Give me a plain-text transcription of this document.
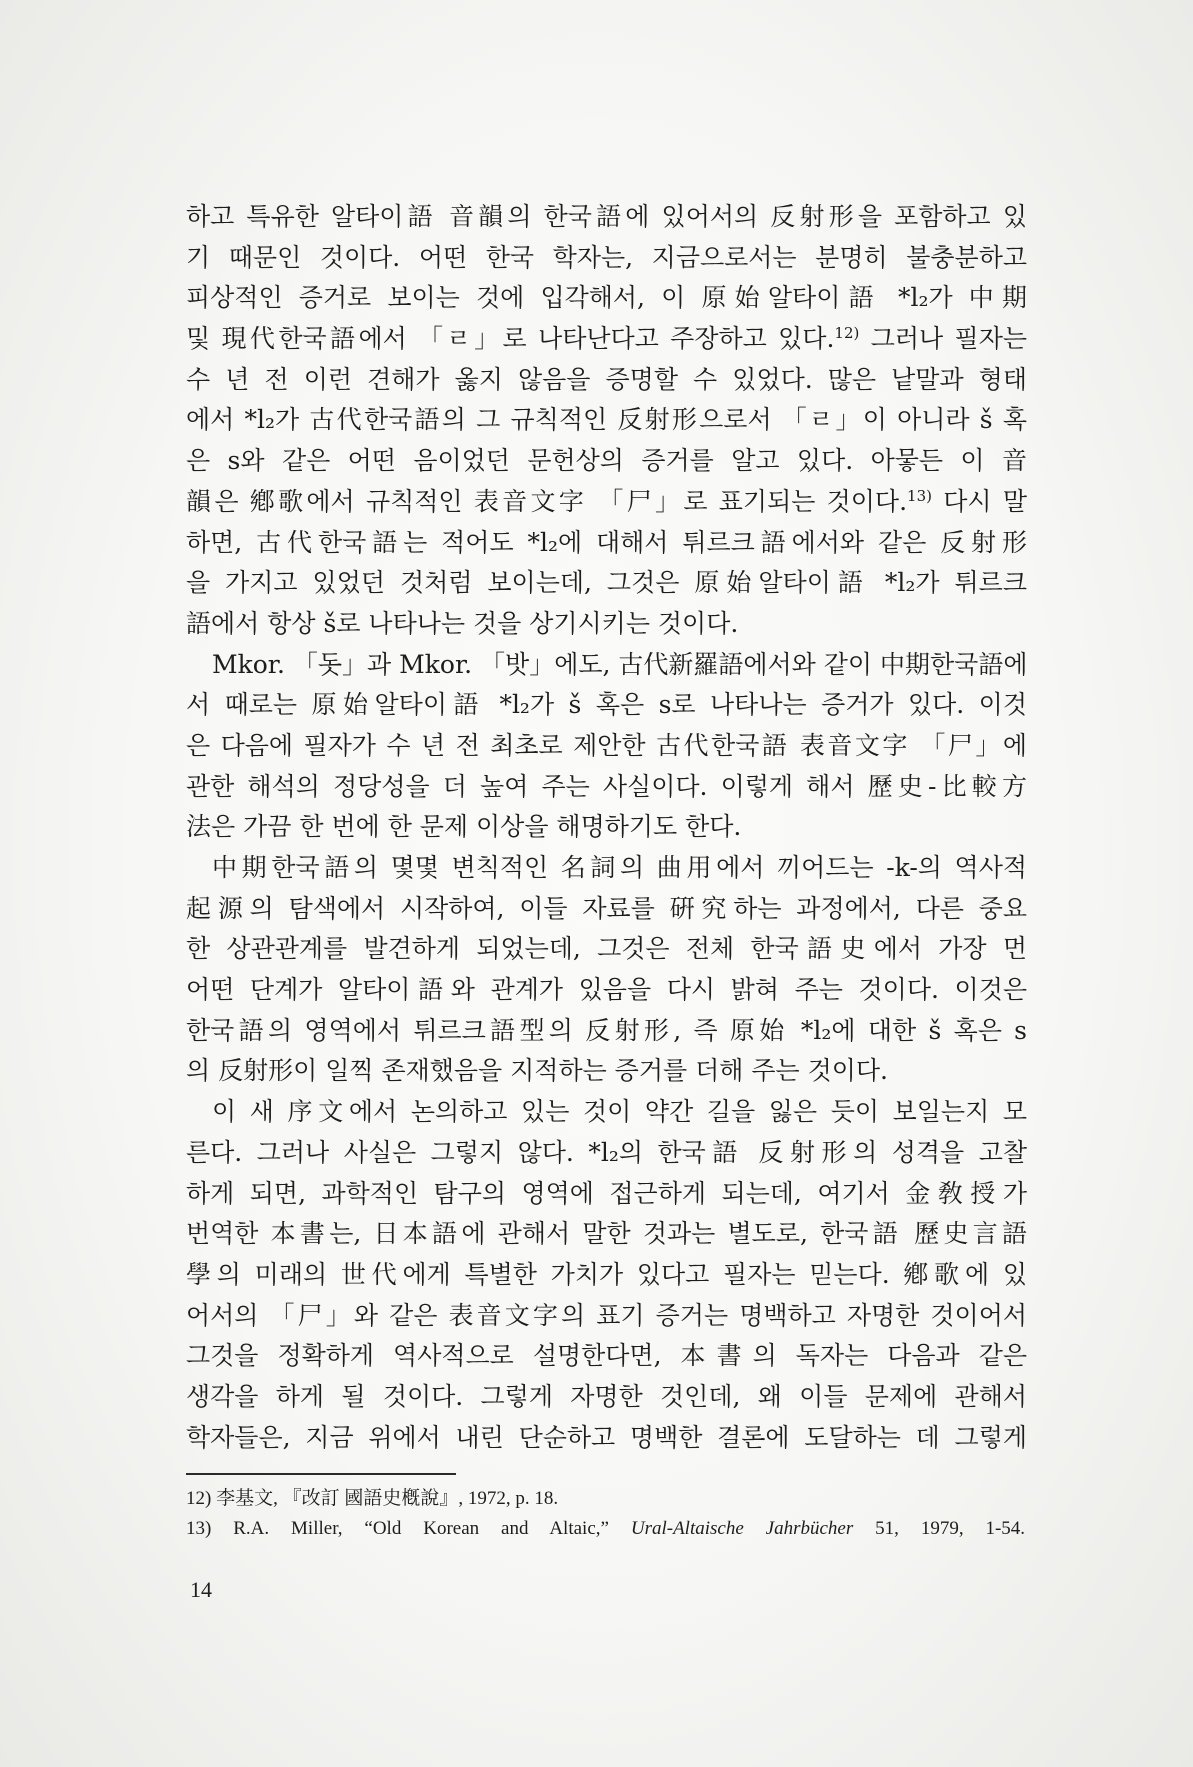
하고 특유한 알타이語 音韻의 한국語에 있어서의 反射形을 포함하고 있
기 때문인 것이다. 어떤 한국 학자는, 지금으로서는 분명히 불충분하고
피상적인 증거로 보이는 것에 입각해서, 이 原始알타이語 *l₂가 中期
및 現代한국語에서 「ㄹ」로 나타난다고 주장하고 있다.$^{12)}$ 그러나 필자는
수 년 전 이런 견해가 옳지 않음을 증명할 수 있었다. 많은 낱말과 형태
에서 *l₂가 古代한국語의 그 규칙적인 反射形으로서 「ㄹ」이 아니라 š 혹
은 s와 같은 어떤 음이었던 문헌상의 증거를 알고 있다. 아뭏든 이 音
韻은 鄕歌에서 규칙적인 表音文字 「尸」로 표기되는 것이다.$^{13)}$ 다시 말
하면, 古代한국語는 적어도 *l₂에 대해서 튀르크語에서와 같은 反射形
을 가지고 있었던 것처럼 보이는데, 그것은 原始알타이語 *l₂가 튀르크
語에서 항상 š로 나타나는 것을 상기시키는 것이다.
Mkor. 「돗」과 Mkor. 「밧」에도, 古代新羅語에서와 같이 中期한국語에
서 때로는 原始알타이語 *l₂가 š 혹은 s로 나타나는 증거가 있다. 이것
은 다음에 필자가 수 년 전 최초로 제안한 古代한국語 表音文字 「尸」에
관한 해석의 정당성을 더 높여 주는 사실이다. 이렇게 해서 歷史-比較方
法은 가끔 한 번에 한 문제 이상을 해명하기도 한다.
中期한국語의 몇몇 변칙적인 名詞의 曲用에서 끼어드는 -k-의 역사적
起源의 탐색에서 시작하여, 이들 자료를 硏究하는 과정에서, 다른 중요
한 상관관계를 발견하게 되었는데, 그것은 전체 한국語史에서 가장 먼
어떤 단계가 알타이語와 관계가 있음을 다시 밝혀 주는 것이다. 이것은
한국語의 영역에서 튀르크語型의 反射形, 즉 原始 *l₂에 대한 š 혹은 s
의 反射形이 일찍 존재했음을 지적하는 증거를 더해 주는 것이다.
이 새 序文에서 논의하고 있는 것이 약간 길을 잃은 듯이 보일는지 모
른다. 그러나 사실은 그렇지 않다. *l₂의 한국語 反射形의 성격을 고찰
하게 되면, 과학적인 탐구의 영역에 접근하게 되는데, 여기서 金敎授가
번역한 本書는, 日本語에 관해서 말한 것과는 별도로, 한국語 歷史言語
學의 미래의 世代에게 특별한 가치가 있다고 필자는 믿는다. 鄕歌에 있
어서의 「尸」와 같은 表音文字의 표기 증거는 명백하고 자명한 것이어서
그것을 정확하게 역사적으로 설명한다면, 本書의 독자는 다음과 같은
생각을 하게 될 것이다. 그렇게 자명한 것인데, 왜 이들 문제에 관해서
학자들은, 지금 위에서 내린 단순하고 명백한 결론에 도달하는 데 그렇게
12) 李基文, 『改訂 國語史槪說』, 1972, p. 18.
13) R.A. Miller, “Old Korean and Altaic,” Ural-Altaische Jahrbücher 51, 1979, 1-54.
14
